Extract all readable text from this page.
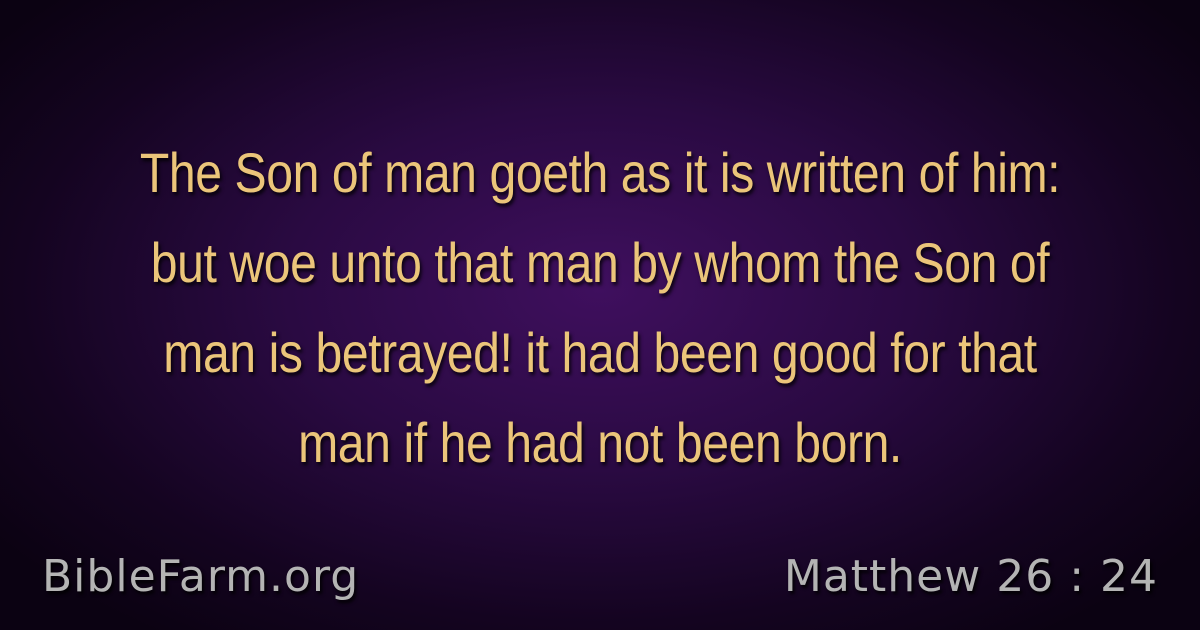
The Son of man goeth as it is written of him: but woe unto that man by whom the Son of man is betrayed! it had been good for that man if he had not been born.

BibleFarm.org	Matthew 26 : 24
